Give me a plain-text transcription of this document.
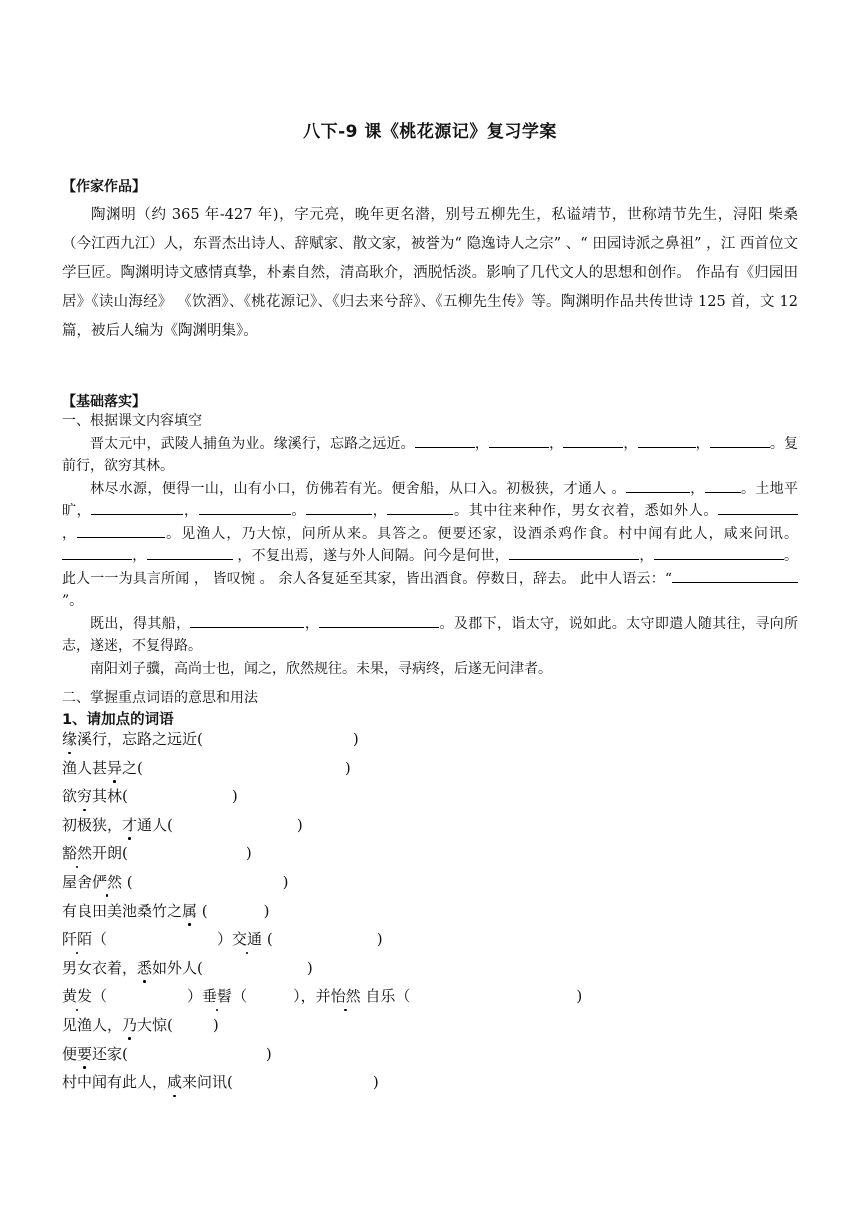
八下-9 课《桃花源记》复习学案
【作家作品】

陶渊明（约 365 年-427 年)，字元亮，晚年更名潜，别号五柳先生，私谥靖节，世称靖节先生，浔阳 柴桑（今江西九江）人，东晋杰出诗人、辞赋家、散文家，被誉为“ 隐逸诗人之宗” 、“ 田园诗派之鼻祖” ，江 西首位文学巨匠。陶渊明诗文感情真挚，朴素自然，清高耿介，洒脱恬淡。影响了几代文人的思想和创作。 作品有《归园田居》《读山海经》 《饮酒》、《桃花源记》、《归去来兮辞》、《五柳先生传》等。陶渊明作品共传世诗 125 首，文 12 篇，被后人编为《陶渊明集》。

【基础落实】

一、根据课文内容填空

晋太元中，武陵人捕鱼为业。缘溪行，忘路之远近。	，	，	，	，	。复前行，欲穷其林。

林尽水源，便得一山，山有小口，仿佛若有光。便舍船，从口入。初极狭，才通人 。	，	。土地平旷，	，	。	，	。其中往来种作，男女衣着，悉如外人。 ，	。见渔人，乃大惊，问所从来。具答之。便要还家，设酒杀鸡作食。村中闻有此人，咸来问讯。，	，不复出焉，遂与外人间隔。问今是何世，	，	。此人一一为具言所闻 ， 皆叹惋 。 余人各复延至其家，皆出酒食。停数日，辞去。 此中人语云：“”。

既出，得其船，	，	。及郡下，诣太守，说如此。太守即遣人随其往，寻向所志，遂迷，不复得路。

南阳刘子骥，高尚士也，闻之，欣然规往。未果，寻病终，后遂无问津者。

二、掌握重点词语的意思和用法
1、请加点的词语
缘溪行，忘路之远近(	)
渔人甚异之(	)
欲穷其林(	)
初极狭，才通人(	)
豁然开朗(	)
屋舍俨然 (	)
有良田美池桑竹之属 (	)
阡陌（	）交通 (	)
男女衣着，悉如外人(	)
黄发（	）垂髫（	），并怡然 自乐（	)
见渔人，乃大惊(	)
便要还家(	)
村中闻有此人，咸来问讯(	)
